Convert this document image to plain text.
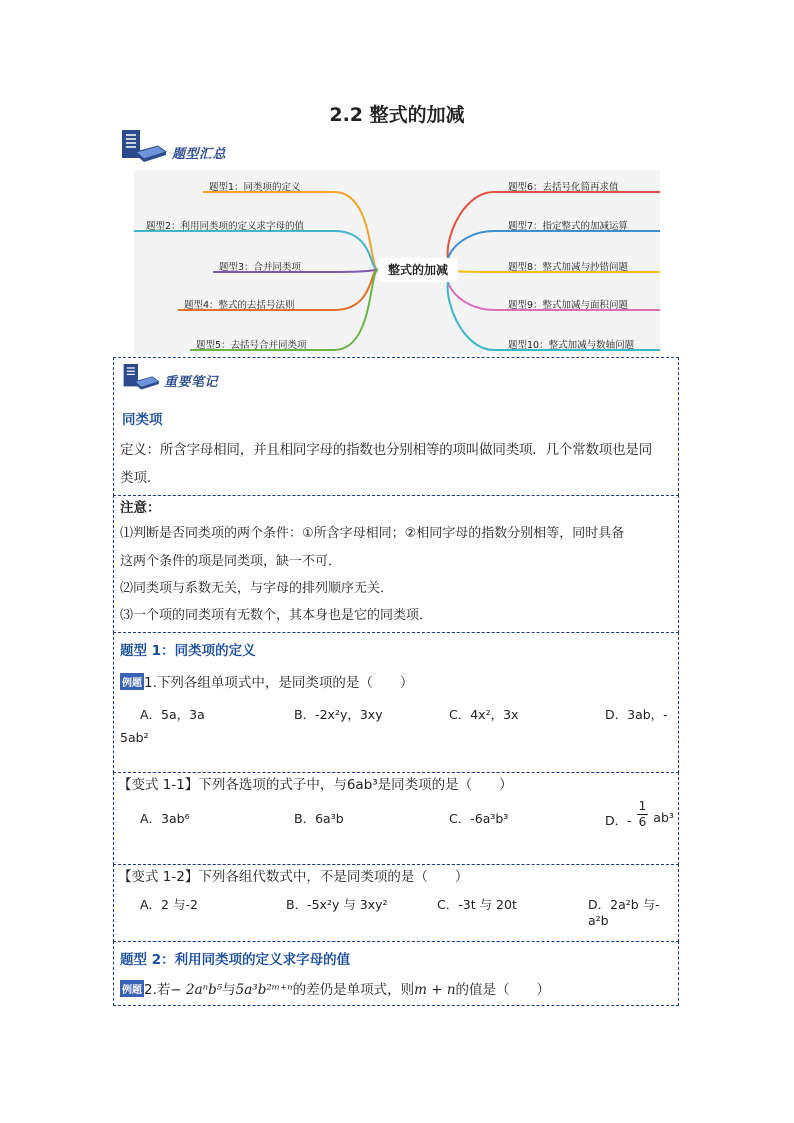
2.2 整式的加减
题型汇总
整式的加减
题型1：同类项的定义
题型2：利用同类项的定义求字母的值
题型3：合并同类项
题型4：整式的去括号法则
题型5：去括号合并同类项
题型6：去括号化简再求值
题型7：指定整式的加减运算
题型8：整式加减与抄错问题
题型9：整式加减与面积问题
题型10：整式加减与数轴问题
重要笔记
同类项
定义：所含字母相同，并且相同字母的指数也分别相等的项叫做同类项．几个常数项也是同
类项．
注意：
⑴判断是否同类项的两个条件：①所含字母相同；②相同字母的指数分别相等，同时具备
这两个条件的项是同类项，缺一不可．
⑵同类项与系数无关，与字母的排列顺序无关．
⑶一个项的同类项有无数个，其本身也是它的同类项．
题型 1：同类项的定义
例题 1.下列各组单项式中，是同类项的是（　　）
A．5a，3a	B．-2x²y，3xy	C．4x²，3x	D．3ab，-
5ab²
【变式 1-1】下列各选项的式子中，与6ab³是同类项的是（　　）
A．3ab⁶	B．6a³b	C．-6a³b³	D．- $\frac{1}{6} ab^3$
【变式 1-2】下列各组代数式中，不是同类项的是（　　）
A．2 与-2	B．-5x²y 与 3xy²	C．-3t 与 20t	D．2a²b 与-a²b
题型 2：利用同类项的定义求字母的值
例题 2.若− 2aⁿb⁵与5a³b²ᵐ⁺ⁿ的差仍是单项式，则m + n的值是（　　）
